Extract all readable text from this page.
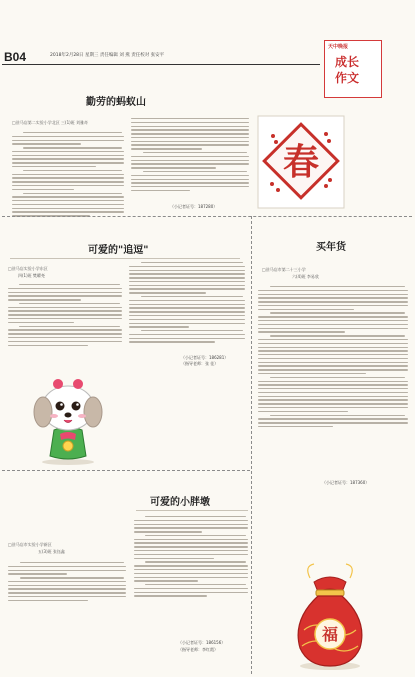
B04	2018年2月28日 星期三 责任编辑 刘 燕 责任校对 张安平
天中晚报
成长
作文
勤劳的蚂蚁山
□驻马店第二实验小学北区 三(1)班 刘雅奇
（小记者证号：187280）
春
可爱的"追逗"
□驻马店实验小学东区
四(1)班 樊曜尧
（小记者证号：186281）
（指导老师：张 佳）
可爱的小胖墩
□驻马店市实验小学新区
五(3)班 张钰鑫
（小记者证号：186156）
（指导老师：李红霞）
买年货
□驻马店市第二十三小学
六(4)班 李易欣
（小记者证号：187360）
福
